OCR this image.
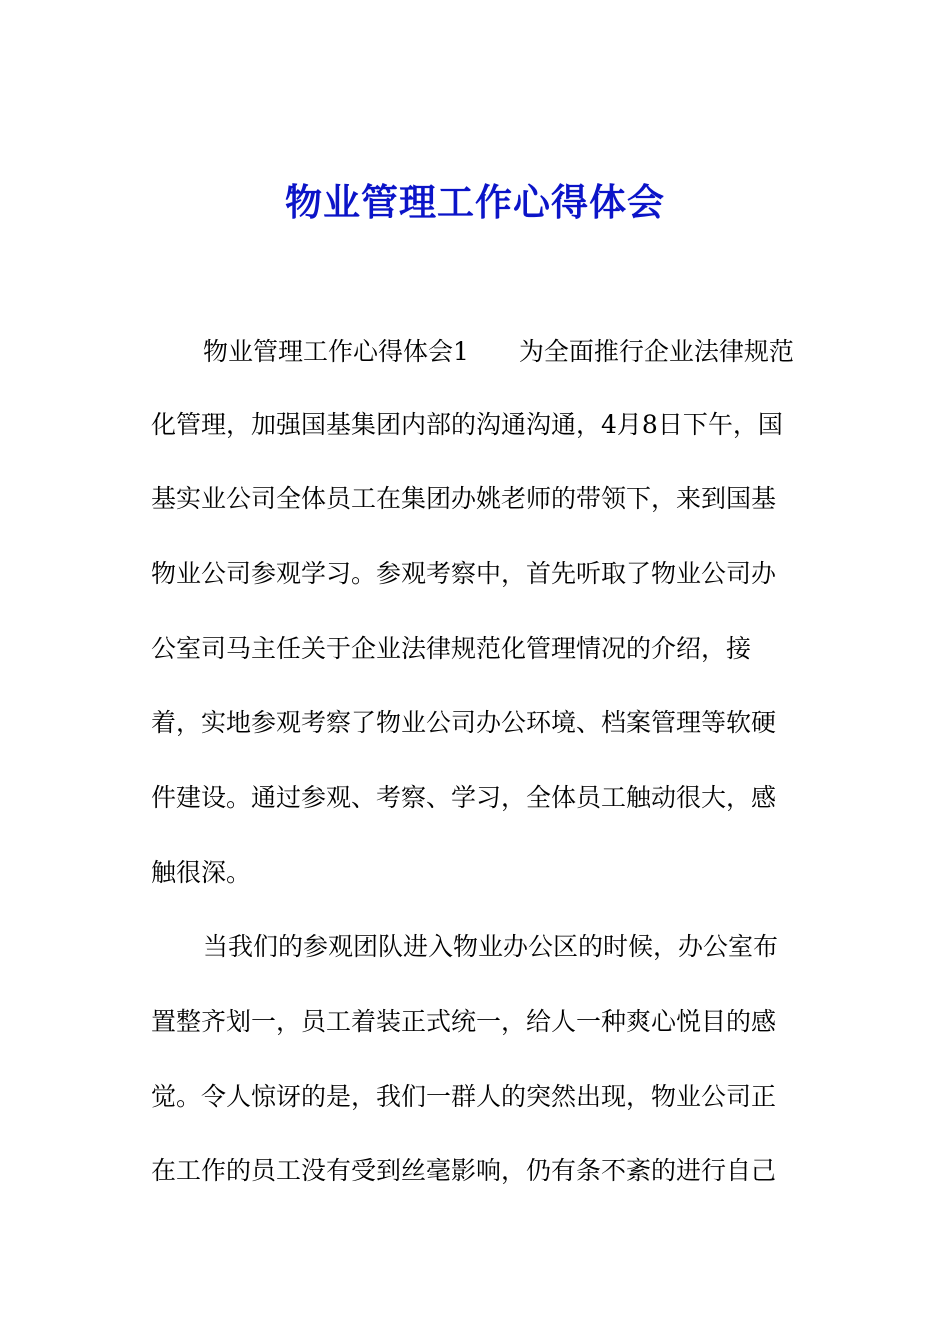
物业管理工作心得体会

物业管理工作心得体会1　　为全面推行企业法律规范

化管理，加强国基集团内部的沟通沟通，4月8日下午，国

基实业公司全体员工在集团办姚老师的带领下，来到国基

物业公司参观学习。参观考察中，首先听取了物业公司办

公室司马主任关于企业法律规范化管理情况的介绍，接

着，实地参观考察了物业公司办公环境、档案管理等软硬

件建设。通过参观、考察、学习，全体员工触动很大，感

触很深。

当我们的参观团队进入物业办公区的时候，办公室布

置整齐划一，员工着装正式统一，给人一种爽心悦目的感

觉。令人惊讶的是，我们一群人的突然出现，物业公司正

在工作的员工没有受到丝毫影响，仍有条不紊的进行自己
